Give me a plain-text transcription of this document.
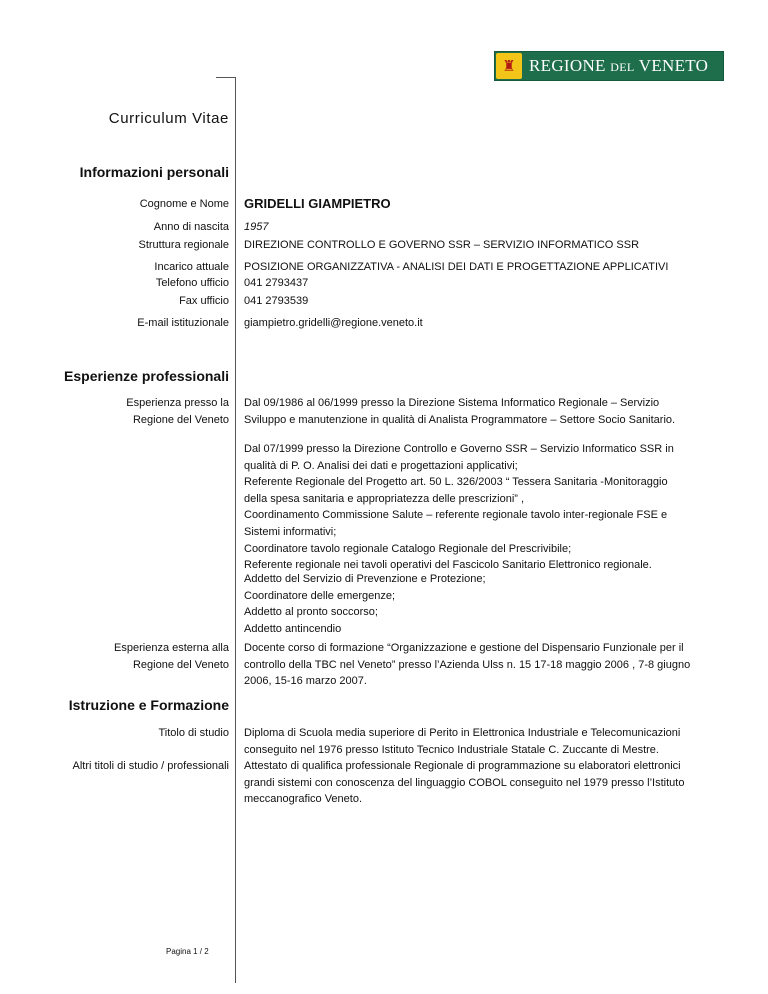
♜ REGIONE DEL VENETO
Curriculum Vitae
Informazioni personali
Cognome e Nome GRIDELLI GIAMPIETRO
Anno di nascita 1957
Struttura regionale DIREZIONE CONTROLLO E GOVERNO SSR – SERVIZIO INFORMATICO SSR
Incarico attuale POSIZIONE ORGANIZZATIVA - ANALISI DEI DATI E PROGETTAZIONE APPLICATIVI
Telefono ufficio 041 2793437
Fax ufficio 041 2793539
E-mail istituzionale giampietro.gridelli@regione.veneto.it
Esperienze professionali
Esperienza presso la
Regione del Veneto
Dal 09/1986 al 06/1999 presso la Direzione Sistema Informatico Regionale – Servizio
Sviluppo e manutenzione in qualità di Analista Programmatore – Settore Socio Sanitario.
Dal 07/1999 presso la Direzione Controllo e Governo SSR – Servizio Informatico SSR in
qualità di P. O. Analisi dei dati e progettazioni applicativi;
Referente Regionale del Progetto art. 50 L. 326/2003 “ Tessera Sanitaria -Monitoraggio
della spesa sanitaria e appropriatezza delle prescrizioni” ,
Coordinamento Commissione Salute – referente regionale tavolo inter-regionale FSE e
Sistemi informativi;
Coordinatore tavolo regionale Catalogo Regionale del Prescrivibile;
Referente regionale nei tavoli operativi del Fascicolo Sanitario Elettronico regionale.
Addetto del Servizio di Prevenzione e Protezione;
Coordinatore delle emergenze;
Addetto al pronto soccorso;
Addetto antincendio
Esperienza esterna alla
Regione del Veneto
Docente corso di formazione “Organizzazione e gestione del Dispensario Funzionale per il
controllo della TBC nel Veneto” presso l’Azienda Ulss n. 15 17-18 maggio 2006 , 7-8 giugno
2006, 15-16 marzo 2007.
Istruzione e Formazione
Titolo di studio Diploma di Scuola media superiore di Perito in Elettronica Industriale e Telecomunicazioni
conseguito nel 1976 presso Istituto Tecnico Industriale Statale C. Zuccante di Mestre.
Altri titoli di studio / professionali Attestato di qualifica professionale Regionale di programmazione su elaboratori elettronici
grandi sistemi con conoscenza del linguaggio COBOL conseguito nel 1979 presso l’Istituto
meccanografico Veneto.
Pagina 1 / 2
